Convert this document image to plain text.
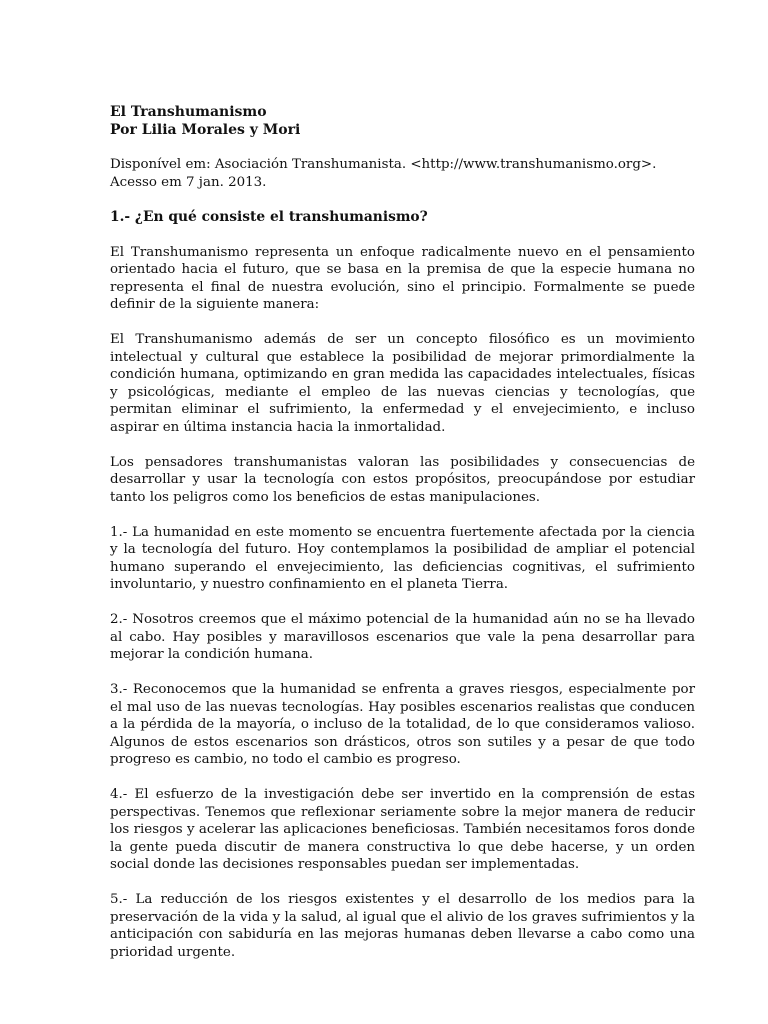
El Transhumanismo
Por Lilia Morales y Mori

Disponível em: Asociación Transhumanista. <http://www.transhumanismo.org>. Acesso em 7 jan. 2013.

1.- ¿En qué consiste el transhumanismo?

El Transhumanismo representa un enfoque radicalmente nuevo en el pensamiento orientado hacia el futuro, que se basa en la premisa de que la especie humana no representa el final de nuestra evolución, sino el principio. Formalmente se puede definir de la siguiente manera:

El Transhumanismo además de ser un concepto filosófico es un movimiento intelectual y cultural que establece la posibilidad de mejorar primordialmente la condición humana, optimizando en gran medida las capacidades intelectuales, físicas y psicológicas, mediante el empleo de las nuevas ciencias y tecnologías, que permitan eliminar el sufrimiento, la enfermedad y el envejecimiento, e incluso aspirar en última instancia hacia la inmortalidad.

Los pensadores transhumanistas valoran las posibilidades y consecuencias de desarrollar y usar la tecnología con estos propósitos, preocupándose por estudiar tanto los peligros como los beneficios de estas manipulaciones.

1.- La humanidad en este momento se encuentra fuertemente afectada por la ciencia y la tecnología del futuro. Hoy contemplamos la posibilidad de ampliar el potencial humano superando el envejecimiento, las deficiencias cognitivas, el sufrimiento involuntario, y nuestro confinamiento en el planeta Tierra.

2.- Nosotros creemos que el máximo potencial de la humanidad aún no se ha llevado al cabo. Hay posibles y maravillosos escenarios que vale la pena desarrollar para mejorar la condición humana.

3.- Reconocemos que la humanidad se enfrenta a graves riesgos, especialmente por el mal uso de las nuevas tecnologías. Hay posibles escenarios realistas que conducen a la pérdida de la mayoría, o incluso de la totalidad, de lo que consideramos valioso. Algunos de estos escenarios son drásticos, otros son sutiles y a pesar de que todo progreso es cambio, no todo el cambio es progreso.

4.- El esfuerzo de la investigación debe ser invertido en la comprensión de estas perspectivas. Tenemos que reflexionar seriamente sobre la mejor manera de reducir los riesgos y acelerar las aplicaciones beneficiosas. También necesitamos foros donde la gente pueda discutir de manera constructiva lo que debe hacerse, y un orden social donde las decisiones responsables puedan ser implementadas.

5.- La reducción de los riesgos existentes y el desarrollo de los medios para la preservación de la vida y la salud, al igual que el alivio de los graves sufrimientos y la anticipación con sabiduría en las mejoras humanas deben llevarse a cabo como una prioridad urgente.
